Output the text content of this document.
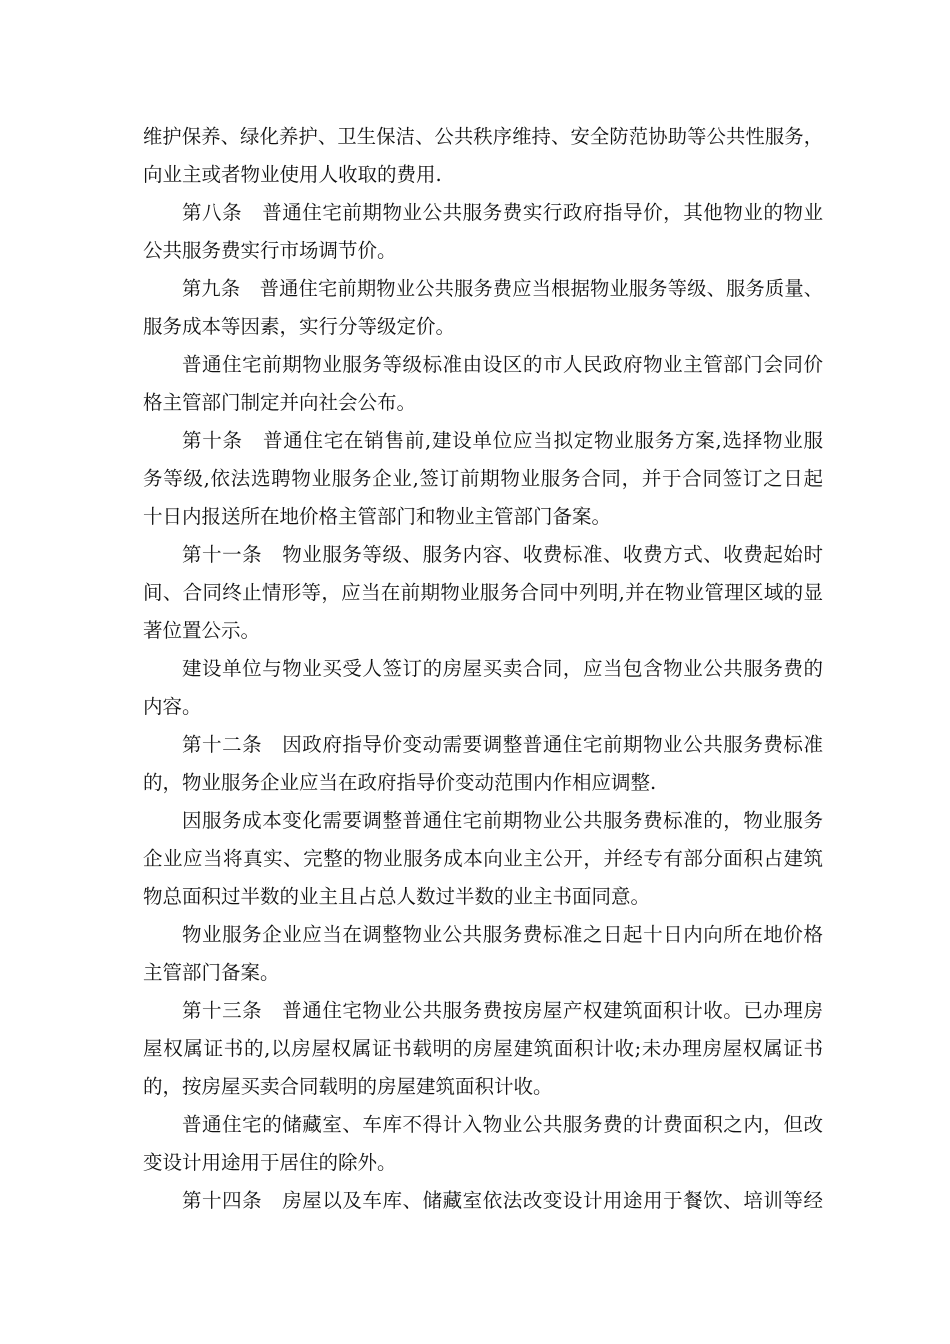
维护保养、绿化养护、卫生保洁、公共秩序维持、安全防范协助等公共性服务，
向业主或者物业使用人收取的费用.
第八条　普通住宅前期物业公共服务费实行政府指导价，其他物业的物业
公共服务费实行市场调节价。
第九条　普通住宅前期物业公共服务费应当根据物业服务等级、服务质量、
服务成本等因素，实行分等级定价。
普通住宅前期物业服务等级标准由设区的市人民政府物业主管部门会同价
格主管部门制定并向社会公布。
第十条　普通住宅在销售前,建设单位应当拟定物业服务方案,选择物业服
务等级,依法选聘物业服务企业,签订前期物业服务合同，并于合同签订之日起
十日内报送所在地价格主管部门和物业主管部门备案。
第十一条　物业服务等级、服务内容、收费标准、收费方式、收费起始时
间、合同终止情形等，应当在前期物业服务合同中列明,并在物业管理区域的显
著位置公示。
建设单位与物业买受人签订的房屋买卖合同，应当包含物业公共服务费的
内容。
第十二条　因政府指导价变动需要调整普通住宅前期物业公共服务费标准
的，物业服务企业应当在政府指导价变动范围内作相应调整.
因服务成本变化需要调整普通住宅前期物业公共服务费标准的，物业服务
企业应当将真实、完整的物业服务成本向业主公开，并经专有部分面积占建筑
物总面积过半数的业主且占总人数过半数的业主书面同意。
物业服务企业应当在调整物业公共服务费标准之日起十日内向所在地价格
主管部门备案。
第十三条　普通住宅物业公共服务费按房屋产权建筑面积计收。已办理房
屋权属证书的,以房屋权属证书载明的房屋建筑面积计收;未办理房屋权属证书
的，按房屋买卖合同载明的房屋建筑面积计收。
普通住宅的储藏室、车库不得计入物业公共服务费的计费面积之内，但改
变设计用途用于居住的除外。
第十四条　房屋以及车库、储藏室依法改变设计用途用于餐饮、培训等经
